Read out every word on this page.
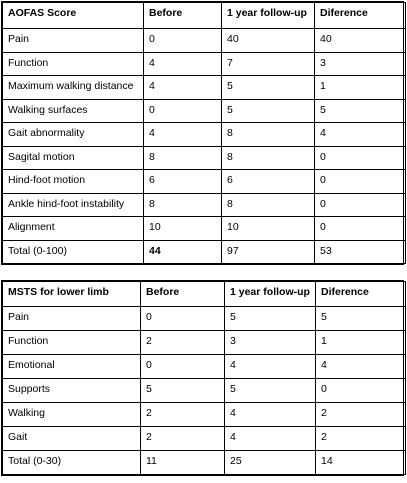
AOFAS Score	Before	1 year follow-up	Diference
Pain	0	40	40
Function	4	7	3
Maximum walking distance	4	5	1
Walking surfaces	0	5	5
Gait abnormality	4	8	4
Sagital motion	8	8	0
Hind-foot motion	6	6	0
Ankle hind-foot instability	8	8	0
Alignment	10	10	0
Total (0-100)	44	97	53
MSTS for lower limb	Before	1 year follow-up	Diference
Pain	0	5	5
Function	2	3	1
Emotional	0	4	4
Supports	5	5	0
Walking	2	4	2
Gait	2	4	2
Total (0-30)	11	25	14
